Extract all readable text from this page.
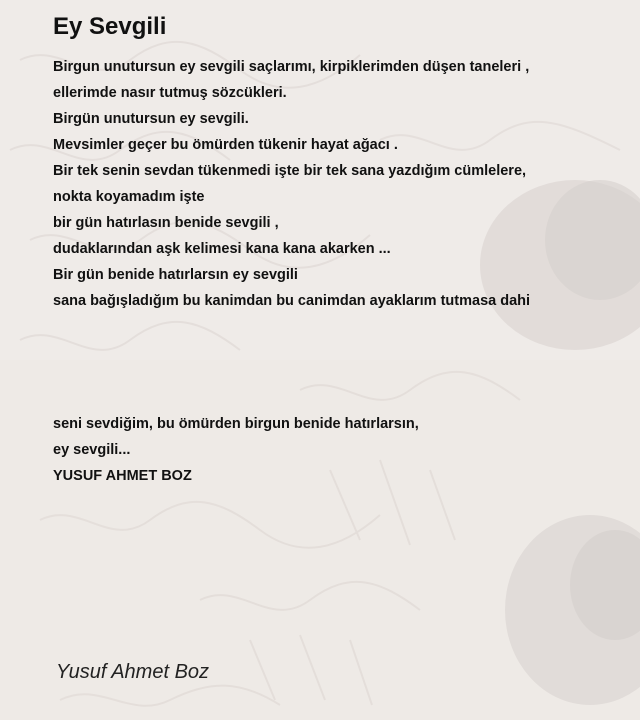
Ey Sevgili
Birgun unutursun ey sevgili saçlarımı, kirpiklerimden düşen taneleri ,
ellerimde nasır tutmuş sözcükleri.
Birgün unutursun ey sevgili.
Mevsimler geçer bu ömürden tükenir hayat ağacı .
Bir tek senin sevdan tükenmedi işte bir tek sana yazdığım cümlelere,
nokta koyamadım işte
bir gün hatırlasın benide sevgili ,
dudaklarından aşk kelimesi kana kana akarken ...
Bir gün benide hatırlarsın ey sevgili
sana bağışladığım bu kanimdan bu canimdan ayaklarım tutmasa dahi
seni sevdiğim, bu ömürden birgun benide hatırlarsın,
ey sevgili...
YUSUF AHMET BOZ

Yusuf Ahmet Boz
